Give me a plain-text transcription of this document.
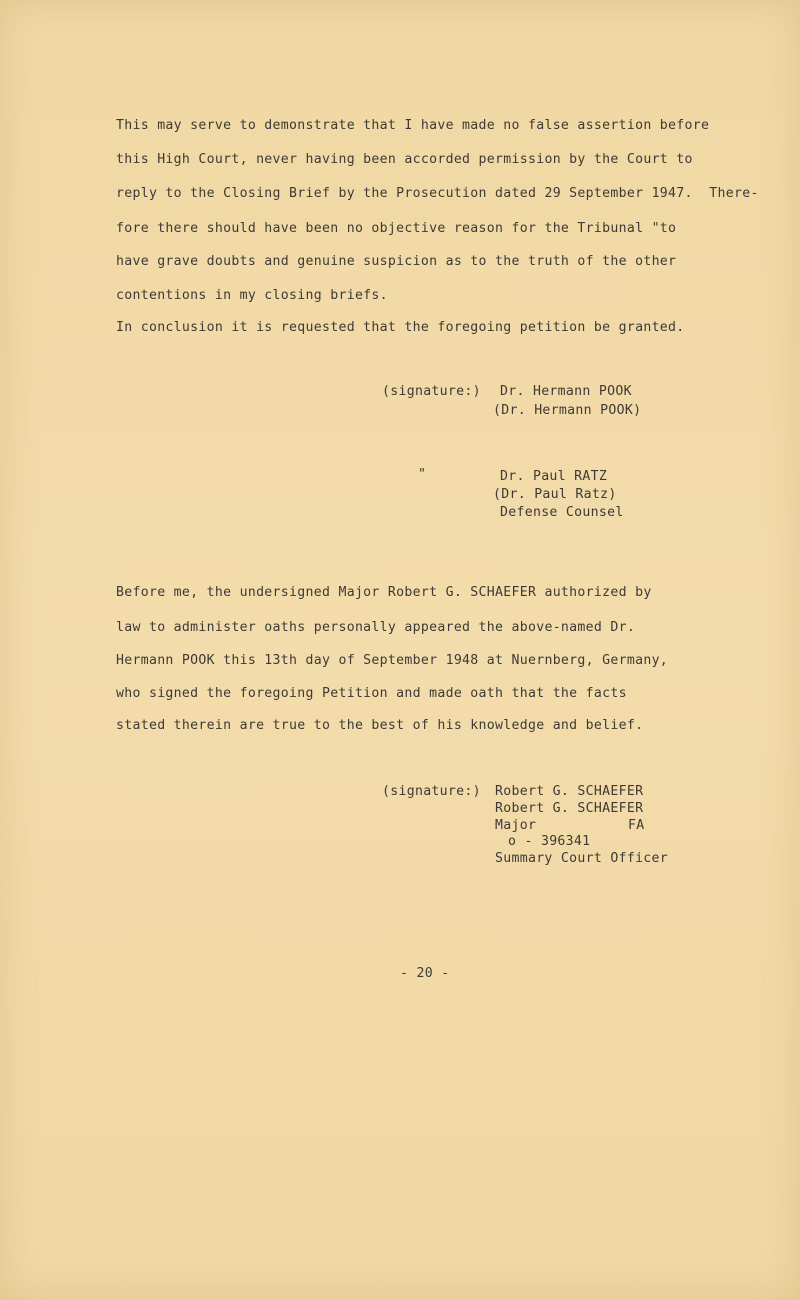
This may serve to demonstrate that I have made no false assertion before
this High Court, never having been accorded permission by the Court to
reply to the Closing Brief by the Prosecution dated 29 September 1947.  There-
fore there should have been no objective reason for the Tribunal "to
have grave doubts and genuine suspicion as to the truth of the other
contentions in my closing briefs.
In conclusion it is requested that the foregoing petition be granted.
(signature:) Dr. Hermann POOK
(Dr. Hermann POOK)
"	Dr. Paul RATZ
(Dr. Paul Ratz)
Defense Counsel
Before me, the undersigned Major Robert G. SCHAEFER authorized by
law to administer oaths personally appeared the above-named Dr.
Hermann POOK this 13th day of September 1948 at Nuernberg, Germany,
who signed the foregoing Petition and made oath that the facts
stated therein are true to the best of his knowledge and belief.
(signature:) Robert G. SCHAEFER
Robert G. SCHAEFER
Major	FA
o - 396341
Summary Court Officer
- 20 -
